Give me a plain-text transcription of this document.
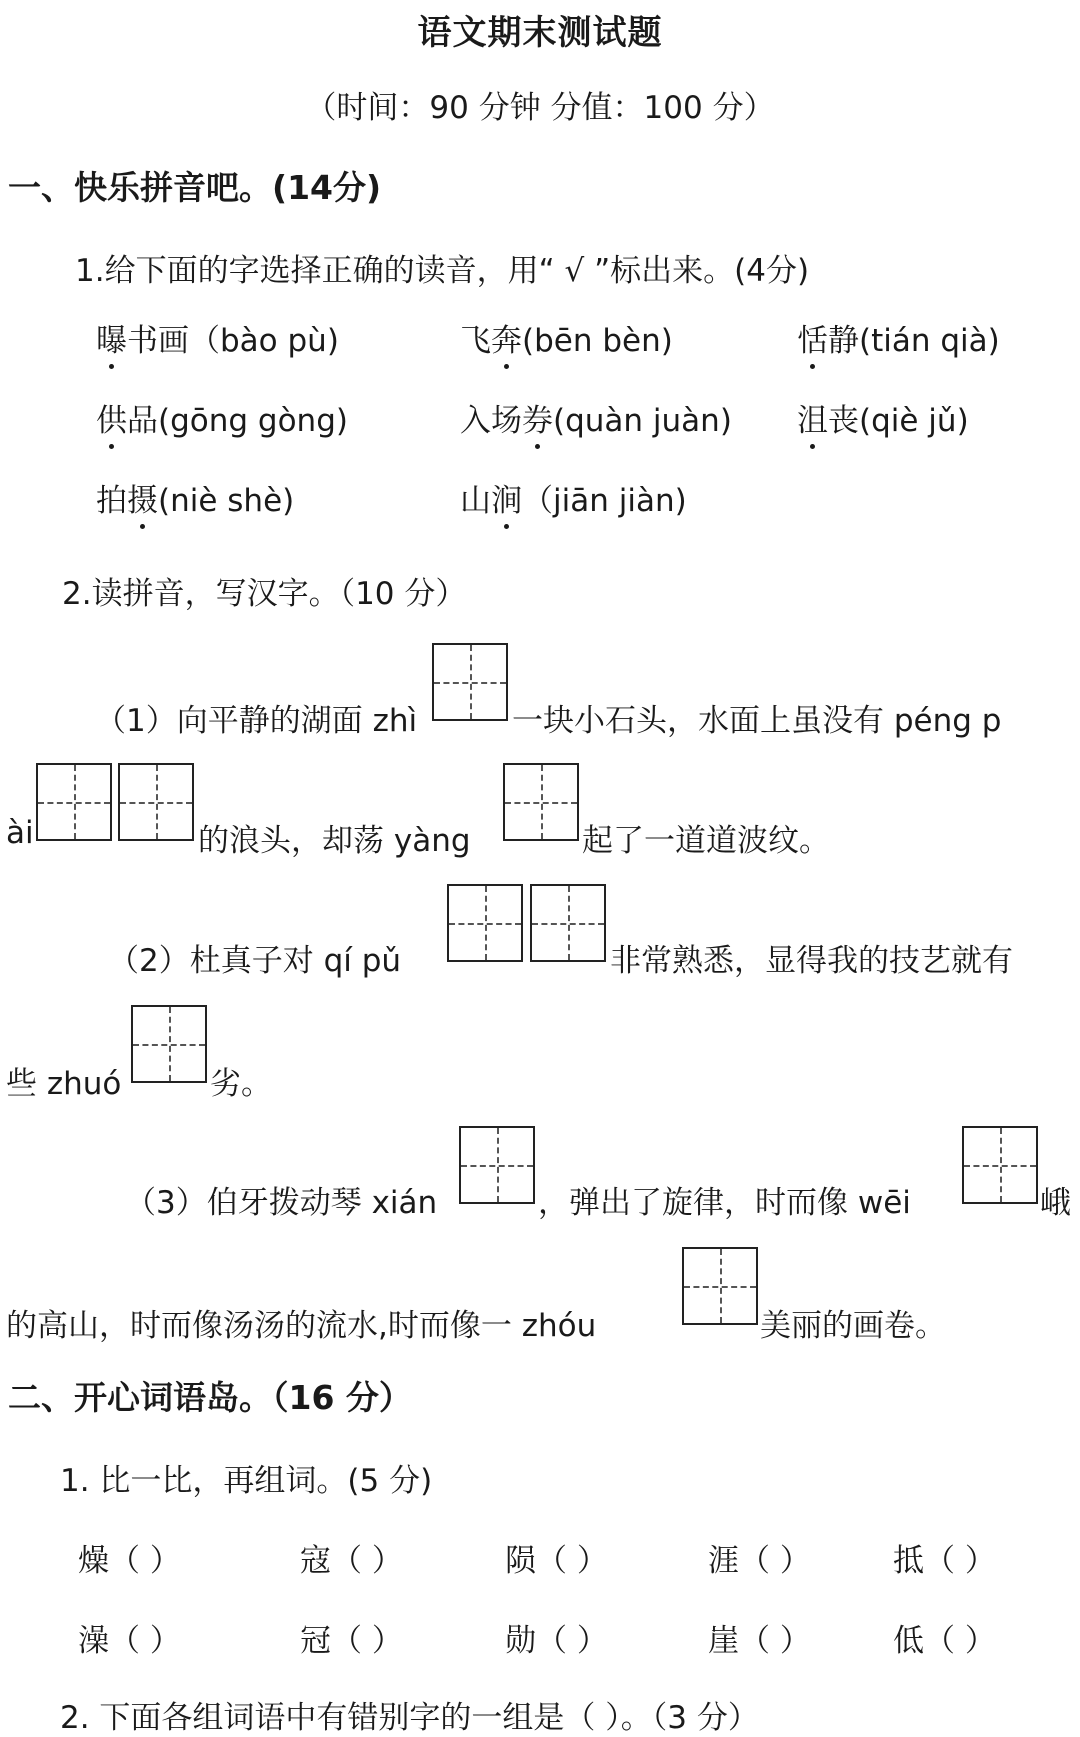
语文期末测试题
（时间：90 分钟 分值：100 分）
一、快乐拼音吧。(14分)
1.给下面的字选择正确的读音，用“ √ ”标出来。(4分)
曝书画（bào pù)	飞奔(bēn bèn)	恬静(tián qià)
供品(gōng gòng)	入场券(quàn juàn) 沮丧(qiè jǔ)
拍摄(niè shè)	山涧（jiān jiàn)
2.读拼音，写汉字。（10 分）
（1）向平静的湖面 zhì	一块小石头，水面上虽没有 péng p
ài	的浪头，却荡 yàng	起了一道道波纹。
（2）杜真子对 qí pǔ	非常熟悉，显得我的技艺就有
些 zhuó	劣。
（3）伯牙拨动琴 xián	，弹出了旋律，时而像 wēi	峨
的高山，时而像汤汤的流水,时而像一 zhóu	美丽的画卷。
二、开心词语岛。（16 分）
1. 比一比，再组词。(5 分)
燥（ ）	寇（ ）	陨（ ）	涯（ ）	抵（ ）
澡（ ）	冠（ ）	勋（ ）	崖（ ）	低（ ）
2. 下面各组词语中有错别字的一组是（ ）。（3 分）
